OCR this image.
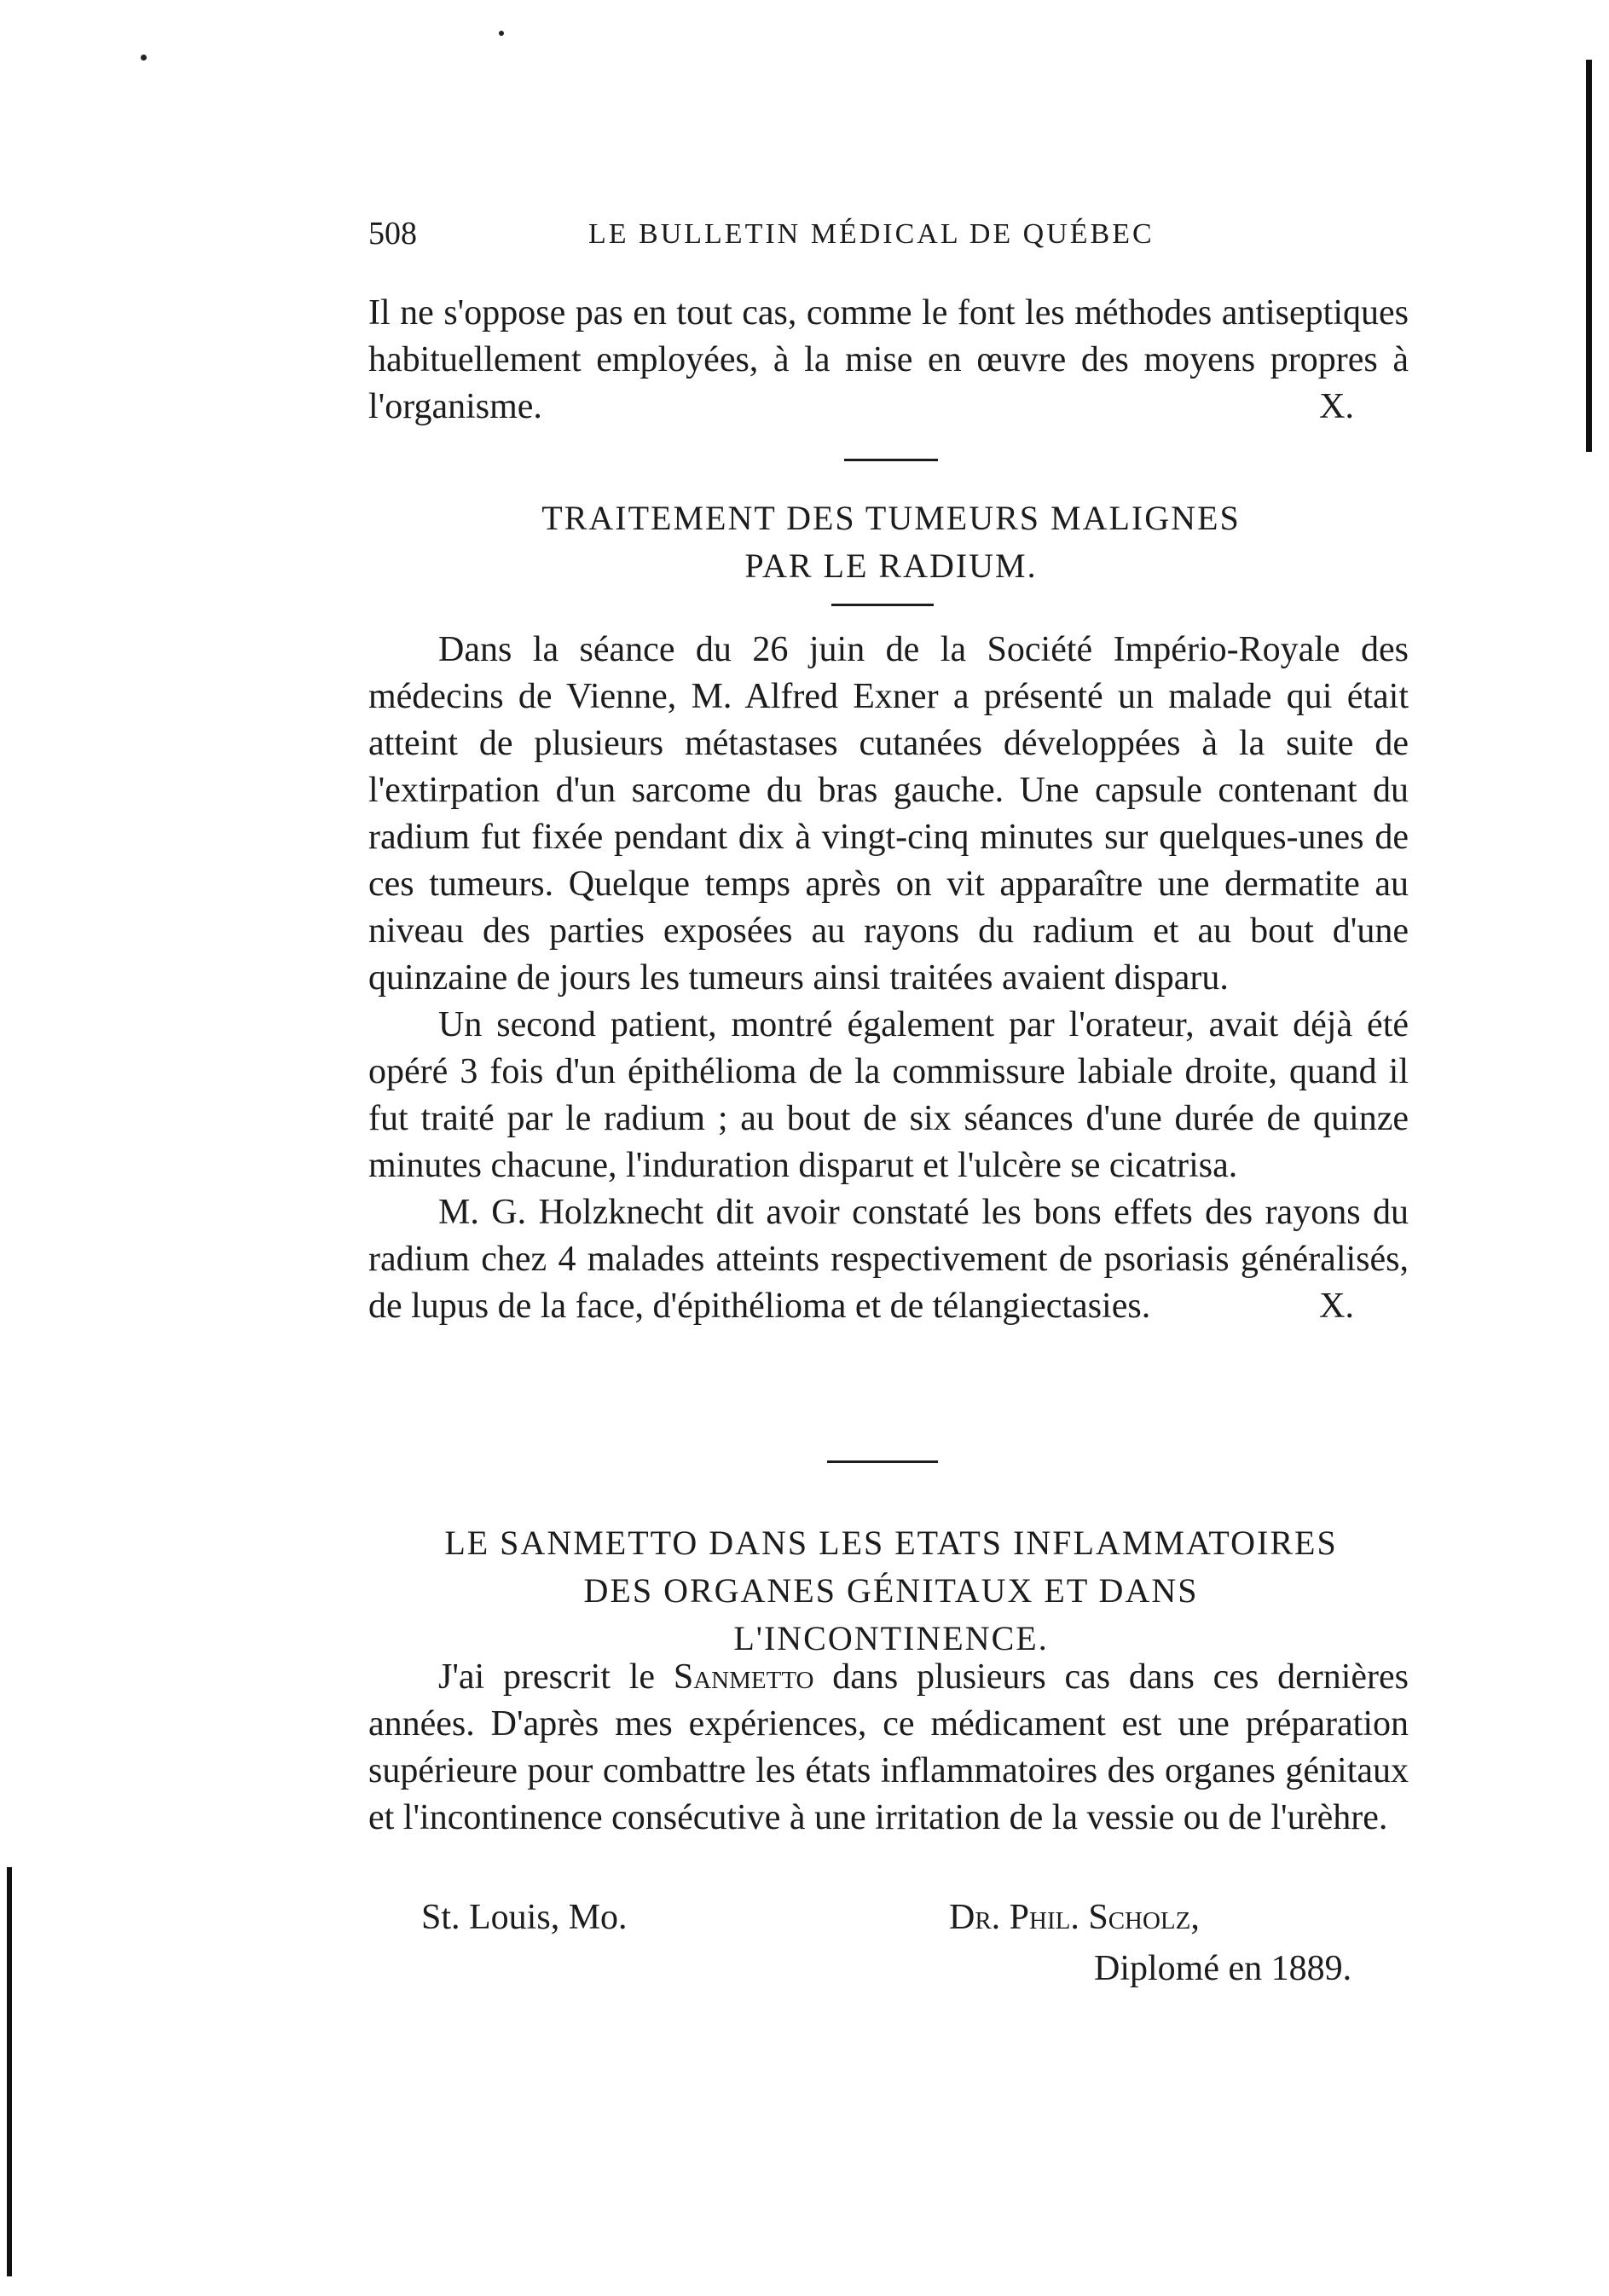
508	LE BULLETIN MÉDICAL DE QUÉBEC

Il ne s'oppose pas en tout cas, comme le font les méthodes antiseptiques habituellement employées, à la mise en œuvre des moyens propres à l'organisme.	X.

TRAITEMENT DES TUMEURS MALIGNES
PAR LE RADIUM.

Dans la séance du 26 juin de la Société Império-Royale des médecins de Vienne, M. Alfred Exner a présenté un malade qui était atteint de plusieurs métastases cutanées développées à la suite de l'extirpation d'un sarcome du bras gauche. Une capsule contenant du radium fut fixée pendant dix à vingt-cinq minutes sur quelques-unes de ces tumeurs. Quelque temps après on vit apparaître une dermatite au niveau des parties exposées au rayons du radium et au bout d'une quinzaine de jours les tumeurs ainsi traitées avaient disparu.

Un second patient, montré également par l'orateur, avait déjà été opéré 3 fois d'un épithélioma de la commissure labiale droite, quand il fut traité par le radium ; au bout de six séances d'une durée de quinze minutes chacune, l'induration disparut et l'ulcère se cicatrisa.

M. G. Holzknecht dit avoir constaté les bons effets des rayons du radium chez 4 malades atteints respectivement de psoriasis généralisés, de lupus de la face, d'épithélioma et de télangiectasies.	X.

LE SANMETTO DANS LES ETATS INFLAMMATOIRES
DES ORGANES GÉNITAUX ET DANS
L'INCONTINENCE.

J'ai prescrit le Sanmetto dans plusieurs cas dans ces dernières années. D'après mes expériences, ce médicament est une préparation supérieure pour combattre les états inflammatoires des organes génitaux et l'incontinence consécutive à une irritation de la vessie ou de l'urèhre.

St. Louis, Mo.	Dr. Phil. Scholz,
Diplomé en 1889.
